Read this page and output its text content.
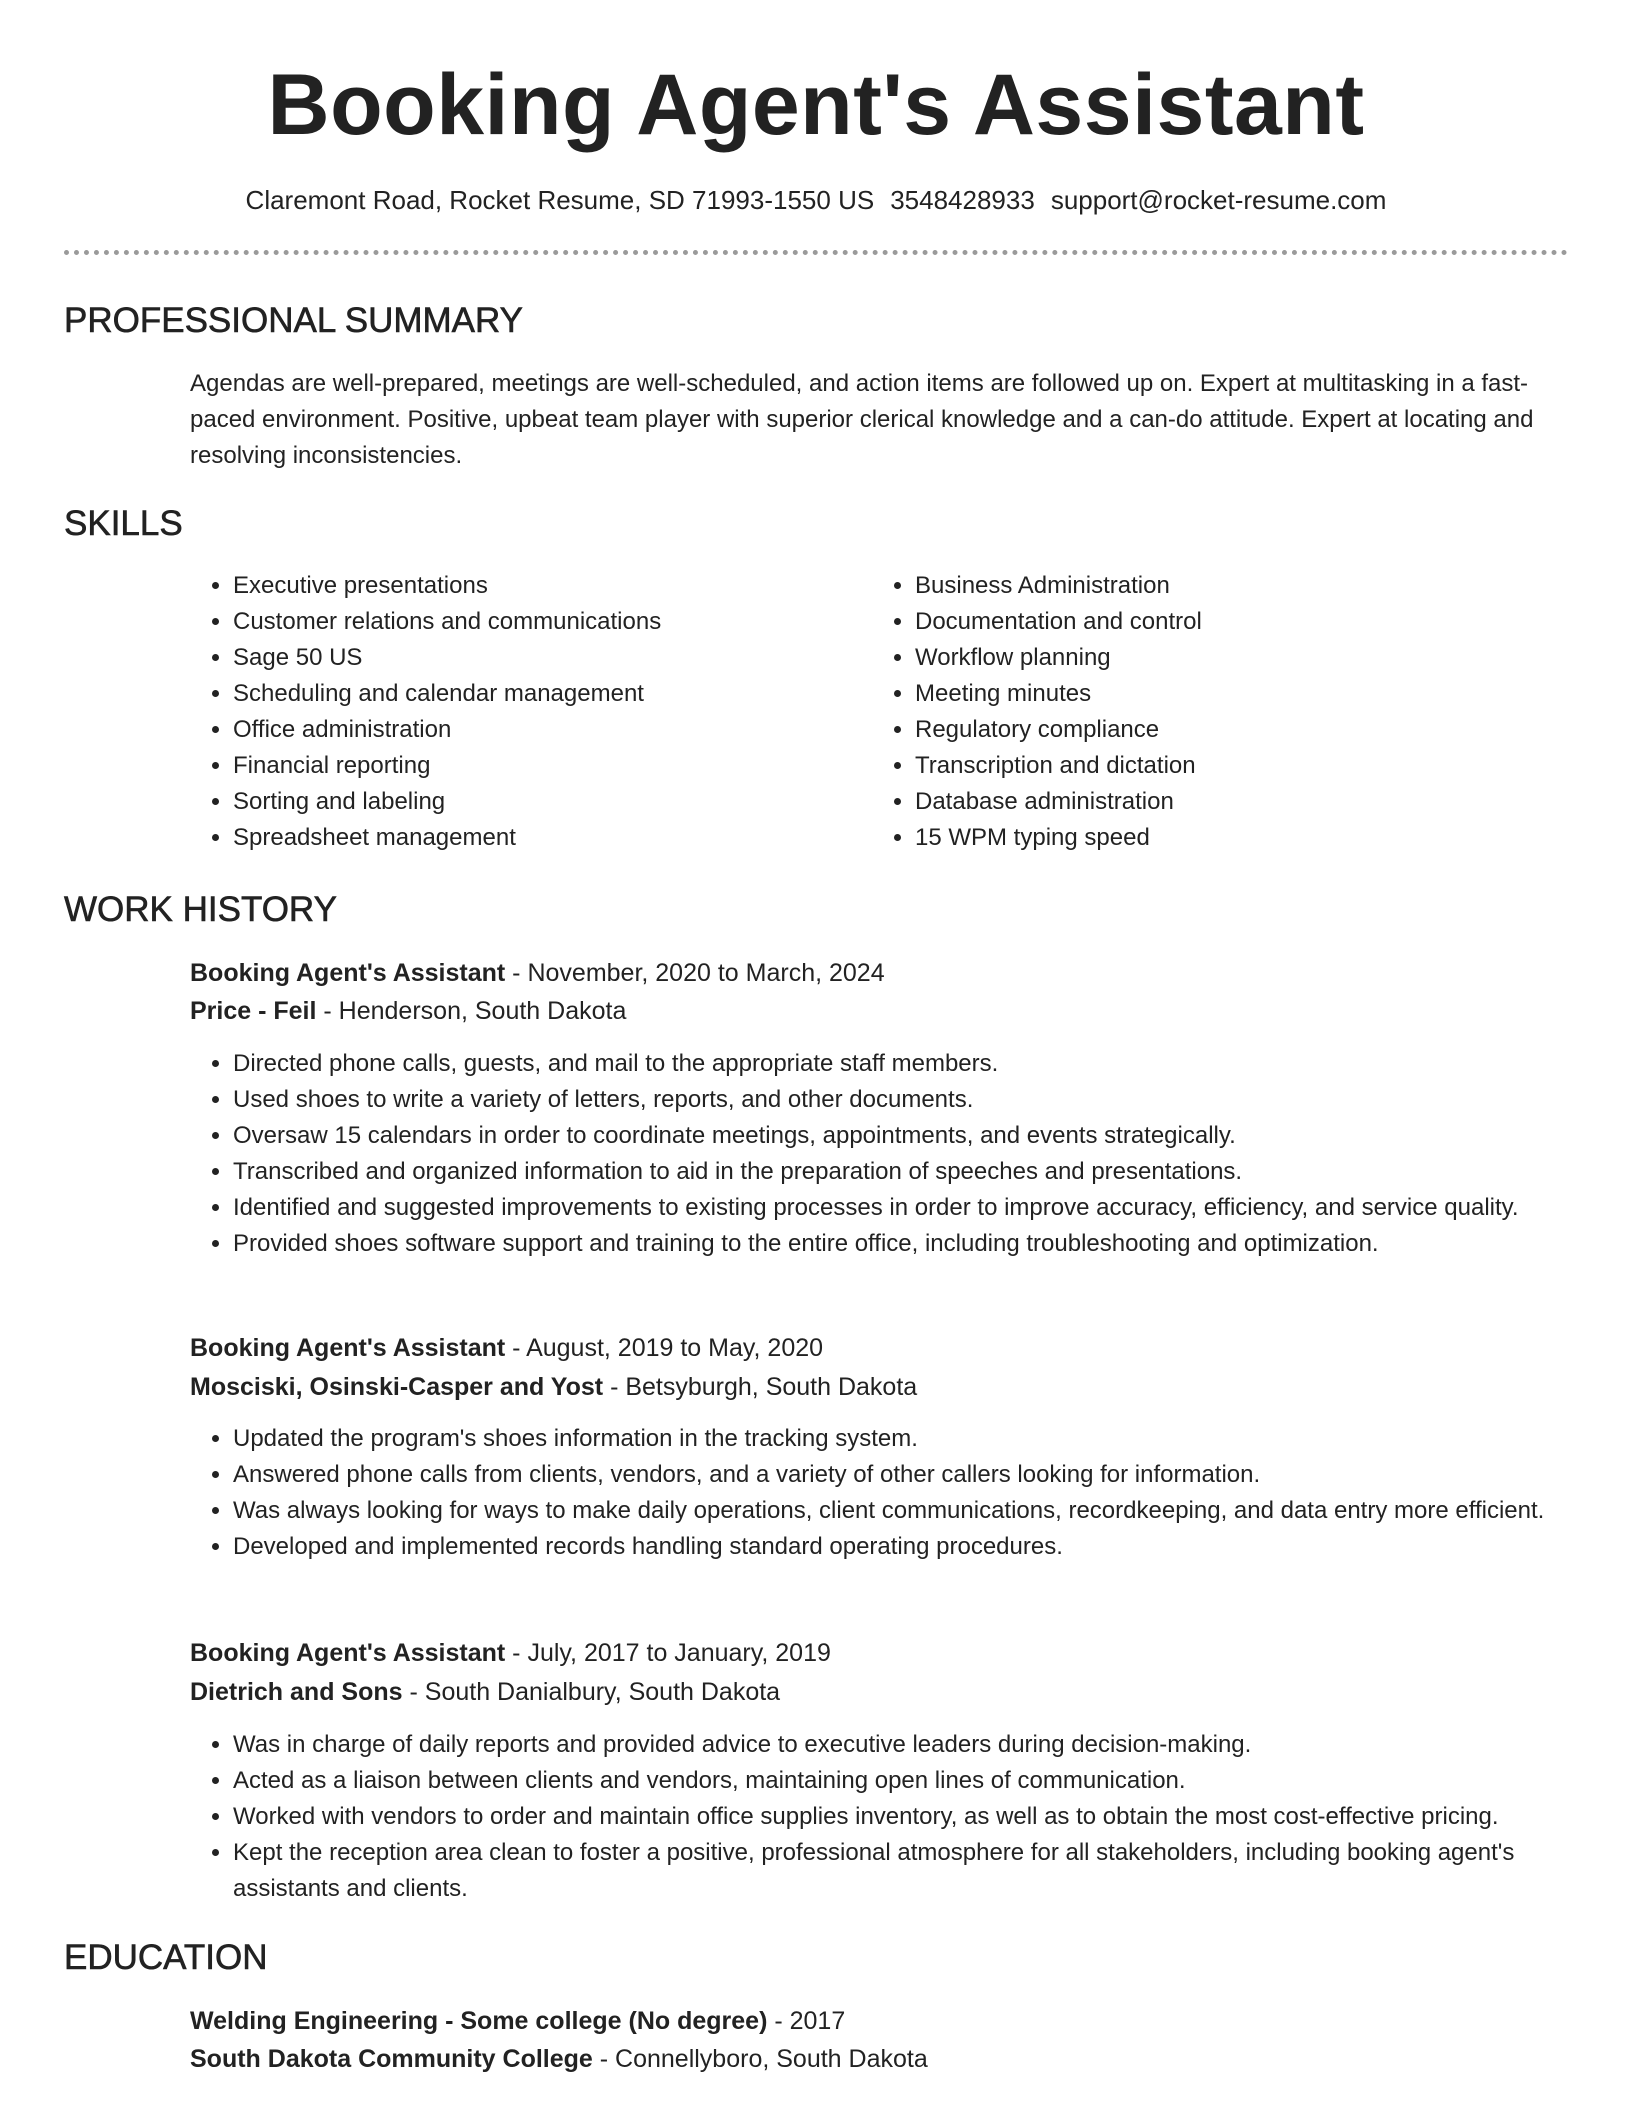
Booking Agent's Assistant
Claremont Road, Rocket Resume, SD 71993-1550 US 3548428933 support@rocket-resume.com
PROFESSIONAL SUMMARY

Agendas are well-prepared, meetings are well-scheduled, and action items are followed up on. Expert at multitasking in a fast-paced environment. Positive, upbeat team player with superior clerical knowledge and a can-do attitude. Expert at locating and resolving inconsistencies.

SKILLS
• Executive presentations
• Customer relations and communications
• Sage 50 US
• Scheduling and calendar management
• Office administration
• Financial reporting
• Sorting and labeling
• Spreadsheet management
• Business Administration
• Documentation and control
• Workflow planning
• Meeting minutes
• Regulatory compliance
• Transcription and dictation
• Database administration
• 15 WPM typing speed
WORK HISTORY
Booking Agent's Assistant - November, 2020 to March, 2024
Price - Feil - Henderson, South Dakota
• Directed phone calls, guests, and mail to the appropriate staff members.
• Used shoes to write a variety of letters, reports, and other documents.
• Oversaw 15 calendars in order to coordinate meetings, appointments, and events strategically.
• Transcribed and organized information to aid in the preparation of speeches and presentations.
• Identified and suggested improvements to existing processes in order to improve accuracy, efficiency, and service quality.
• Provided shoes software support and training to the entire office, including troubleshooting and optimization.
Booking Agent's Assistant - August, 2019 to May, 2020
Mosciski, Osinski-Casper and Yost - Betsyburgh, South Dakota
• Updated the program's shoes information in the tracking system.
• Answered phone calls from clients, vendors, and a variety of other callers looking for information.
• Was always looking for ways to make daily operations, client communications, recordkeeping, and data entry more efficient.
• Developed and implemented records handling standard operating procedures.
Booking Agent's Assistant - July, 2017 to January, 2019
Dietrich and Sons - South Danialbury, South Dakota
• Was in charge of daily reports and provided advice to executive leaders during decision-making.
• Acted as a liaison between clients and vendors, maintaining open lines of communication.
• Worked with vendors to order and maintain office supplies inventory, as well as to obtain the most cost-effective pricing.
• Kept the reception area clean to foster a positive, professional atmosphere for all stakeholders, including booking agent's assistants and clients.
EDUCATION
Welding Engineering - Some college (No degree) - 2017
South Dakota Community College - Connellyboro, South Dakota
